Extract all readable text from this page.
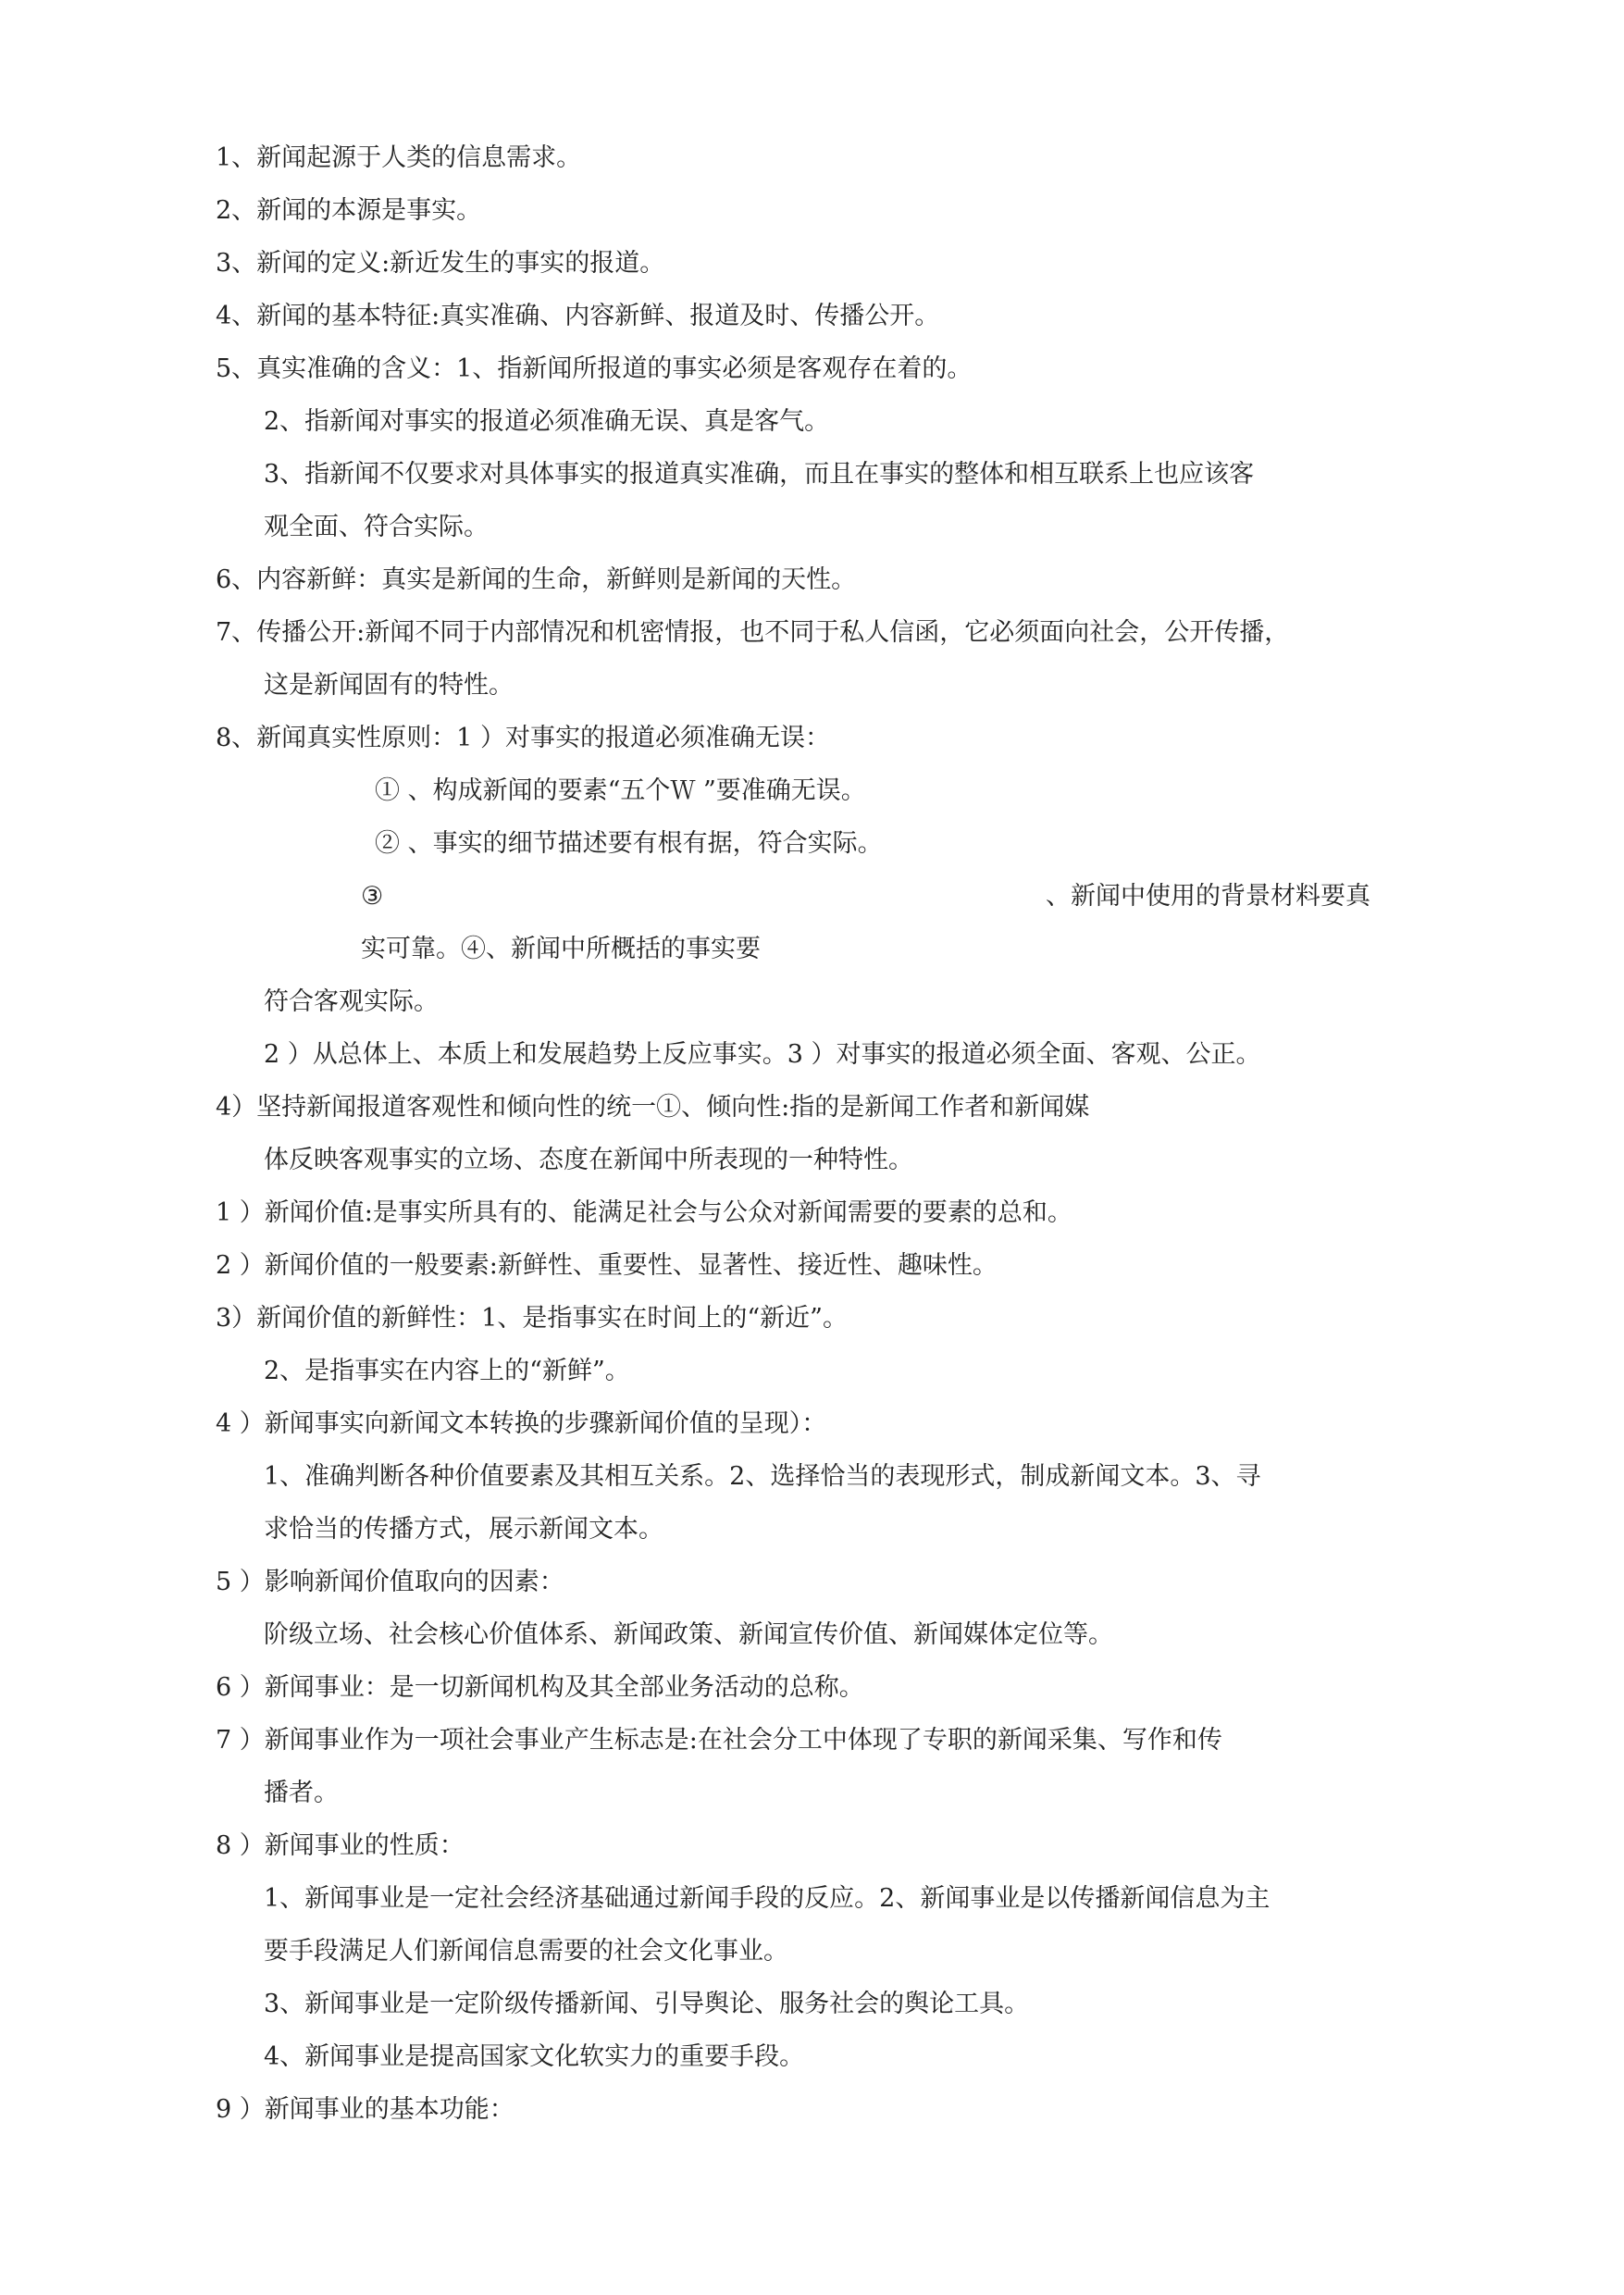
1、新闻起源于人类的信息需求。
2、新闻的本源是事实。
3、新闻的定义:新近发生的事实的报道。
4、新闻的基本特征:真实准确、内容新鲜、报道及时、传播公开。
5、真实准确的含义：1、指新闻所报道的事实必须是客观存在着的。
2、指新闻对事实的报道必须准确无误、真是客气。
3、指新闻不仅要求对具体事实的报道真实准确，而且在事实的整体和相互联系上也应该客
观全面、符合实际。
6、内容新鲜：真实是新闻的生命，新鲜则是新闻的天性。
7、传播公开:新闻不同于内部情况和机密情报，也不同于私人信函，它必须面向社会，公开传播，
这是新闻固有的特性。
8、新闻真实性原则：1 ）对事实的报道必须准确无误：
① 、构成新闻的要素“五个Ｗ ”要准确无误。
② 、事实的细节描述要有根有据，符合实际。
③	、新闻中使用的背景材料要真
实可靠。④、新闻中所概括的事实要
符合客观实际。
2 ）从总体上、本质上和发展趋势上反应事实。3 ）对事实的报道必须全面、客观、公正。
4）坚持新闻报道客观性和倾向性的统一①、倾向性:指的是新闻工作者和新闻媒
体反映客观事实的立场、态度在新闻中所表现的一种特性。
1 ）新闻价值:是事实所具有的、能满足社会与公众对新闻需要的要素的总和。
2 ）新闻价值的一般要素:新鲜性、重要性、显著性、接近性、趣味性。
3）新闻价值的新鲜性：1、是指事实在时间上的“新近”。
2、是指事实在内容上的“新鲜”。
4 ）新闻事实向新闻文本转换的步骤新闻价值的呈现）：
1、准确判断各种价值要素及其相互关系。2、选择恰当的表现形式，制成新闻文本。3、寻
求恰当的传播方式，展示新闻文本。
5 ）影响新闻价值取向的因素：
阶级立场、社会核心价值体系、新闻政策、新闻宣传价值、新闻媒体定位等。
6 ）新闻事业：是一切新闻机构及其全部业务活动的总称。
7 ）新闻事业作为一项社会事业产生标志是:在社会分工中体现了专职的新闻采集、写作和传
播者。
8 ）新闻事业的性质：
1、新闻事业是一定社会经济基础通过新闻手段的反应。2、新闻事业是以传播新闻信息为主
要手段满足人们新闻信息需要的社会文化事业。
3、新闻事业是一定阶级传播新闻、引导舆论、服务社会的舆论工具。
4、新闻事业是提高国家文化软实力的重要手段。
9 ）新闻事业的基本功能：
